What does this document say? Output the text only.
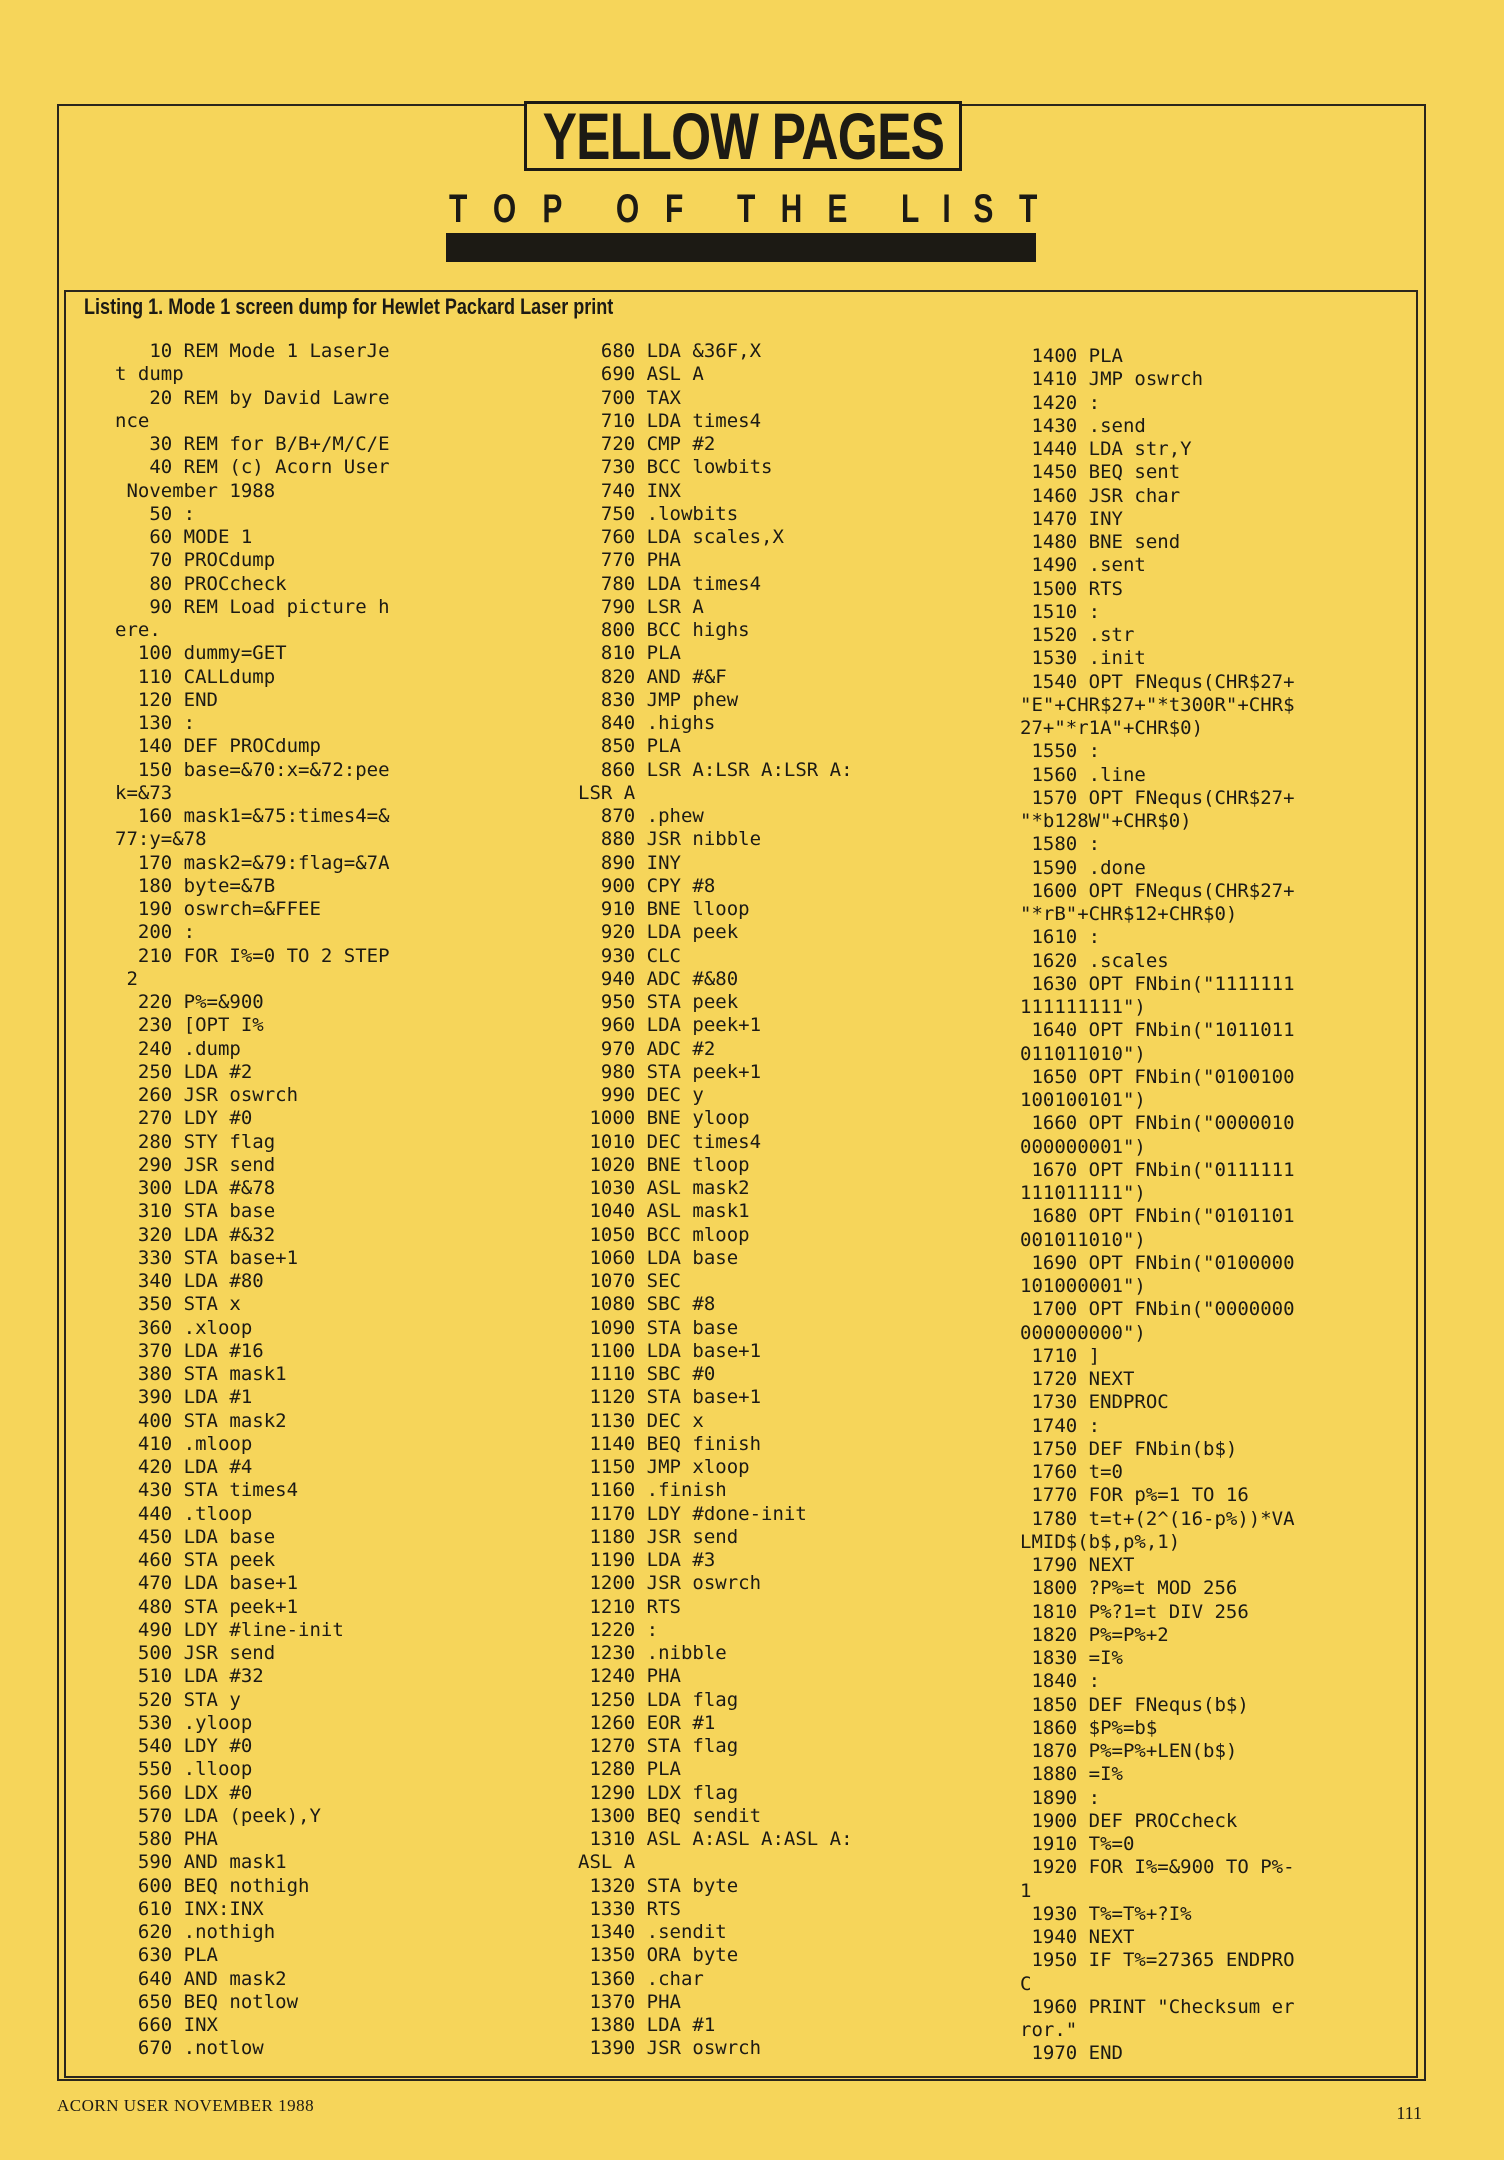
YELLOW PAGES
T O P O F T H E L I S T
Listing 1. Mode 1 screen dump for Hewlet Packard Laser print
10 REM Mode 1 LaserJe
t dump
20 REM by David Lawre
nce
30 REM for B/B+/M/C/E
40 REM (c) Acorn User
November 1988
50 :
60 MODE 1
70 PROCdump
80 PROCcheck
90 REM Load picture h
ere.
100 dummy=GET
110 CALLdump
120 END
130 :
140 DEF PROCdump
150 base=&70:x=&72:pee
k=&73
160 mask1=&75:times4=&
77:y=&78
170 mask2=&79:flag=&7A
180 byte=&7B
190 oswrch=&FFEE
200 :
210 FOR I%=0 TO 2 STEP
2
220 P%=&900
230 [OPT I%
240 .dump
250 LDA #2
260 JSR oswrch
270 LDY #0
280 STY flag
290 JSR send
300 LDA #&78
310 STA base
320 LDA #&32
330 STA base+1
340 LDA #80
350 STA x
360 .xloop
370 LDA #16
380 STA mask1
390 LDA #1
400 STA mask2
410 .mloop
420 LDA #4
430 STA times4
440 .tloop
450 LDA base
460 STA peek
470 LDA base+1
480 STA peek+1
490 LDY #line-init
500 JSR send
510 LDA #32
520 STA y
530 .yloop
540 LDY #0
550 .lloop
560 LDX #0
570 LDA (peek),Y
580 PHA
590 AND mask1
600 BEQ nothigh
610 INX:INX
620 .nothigh
630 PLA
640 AND mask2
650 BEQ notlow
660 INX
670 .notlow
680 LDA &36F,X
690 ASL A
700 TAX
710 LDA times4
720 CMP #2
730 BCC lowbits
740 INX
750 .lowbits
760 LDA scales,X
770 PHA
780 LDA times4
790 LSR A
800 BCC highs
810 PLA
820 AND #&F
830 JMP phew
840 .highs
850 PLA
860 LSR A:LSR A:LSR A:
LSR A
870 .phew
880 JSR nibble
890 INY
900 CPY #8
910 BNE lloop
920 LDA peek
930 CLC
940 ADC #&80
950 STA peek
960 LDA peek+1
970 ADC #2
980 STA peek+1
990 DEC y
1000 BNE yloop
1010 DEC times4
1020 BNE tloop
1030 ASL mask2
1040 ASL mask1
1050 BCC mloop
1060 LDA base
1070 SEC
1080 SBC #8
1090 STA base
1100 LDA base+1
1110 SBC #0
1120 STA base+1
1130 DEC x
1140 BEQ finish
1150 JMP xloop
1160 .finish
1170 LDY #done-init
1180 JSR send
1190 LDA #3
1200 JSR oswrch
1210 RTS
1220 :
1230 .nibble
1240 PHA
1250 LDA flag
1260 EOR #1
1270 STA flag
1280 PLA
1290 LDX flag
1300 BEQ sendit
1310 ASL A:ASL A:ASL A:
ASL A
1320 STA byte
1330 RTS
1340 .sendit
1350 ORA byte
1360 .char
1370 PHA
1380 LDA #1
1390 JSR oswrch
1400 PLA
1410 JMP oswrch
1420 :
1430 .send
1440 LDA str,Y
1450 BEQ sent
1460 JSR char
1470 INY
1480 BNE send
1490 .sent
1500 RTS
1510 :
1520 .str
1530 .init
1540 OPT FNequs(CHR$27+
"E"+CHR$27+"*t300R"+CHR$
27+"*r1A"+CHR$0)
1550 :
1560 .line
1570 OPT FNequs(CHR$27+
"*b128W"+CHR$0)
1580 :
1590 .done
1600 OPT FNequs(CHR$27+
"*rB"+CHR$12+CHR$0)
1610 :
1620 .scales
1630 OPT FNbin("1111111
111111111")
1640 OPT FNbin("1011011
011011010")
1650 OPT FNbin("0100100
100100101")
1660 OPT FNbin("0000010
000000001")
1670 OPT FNbin("0111111
111011111")
1680 OPT FNbin("0101101
001011010")
1690 OPT FNbin("0100000
101000001")
1700 OPT FNbin("0000000
000000000")
1710 ]
1720 NEXT
1730 ENDPROC
1740 :
1750 DEF FNbin(b$)
1760 t=0
1770 FOR p%=1 TO 16
1780 t=t+(2^(16-p%))*VA
LMID$(b$,p%,1)
1790 NEXT
1800 ?P%=t MOD 256
1810 P%?1=t DIV 256
1820 P%=P%+2
1830 =I%
1840 :
1850 DEF FNequs(b$)
1860 $P%=b$
1870 P%=P%+LEN(b$)
1880 =I%
1890 :
1900 DEF PROCcheck
1910 T%=0
1920 FOR I%=&900 TO P%-
1
1930 T%=T%+?I%
1940 NEXT
1950 IF T%=27365 ENDPRO
C
1960 PRINT "Checksum er
ror."
1970 END
ACORN USER NOVEMBER 1988	111
